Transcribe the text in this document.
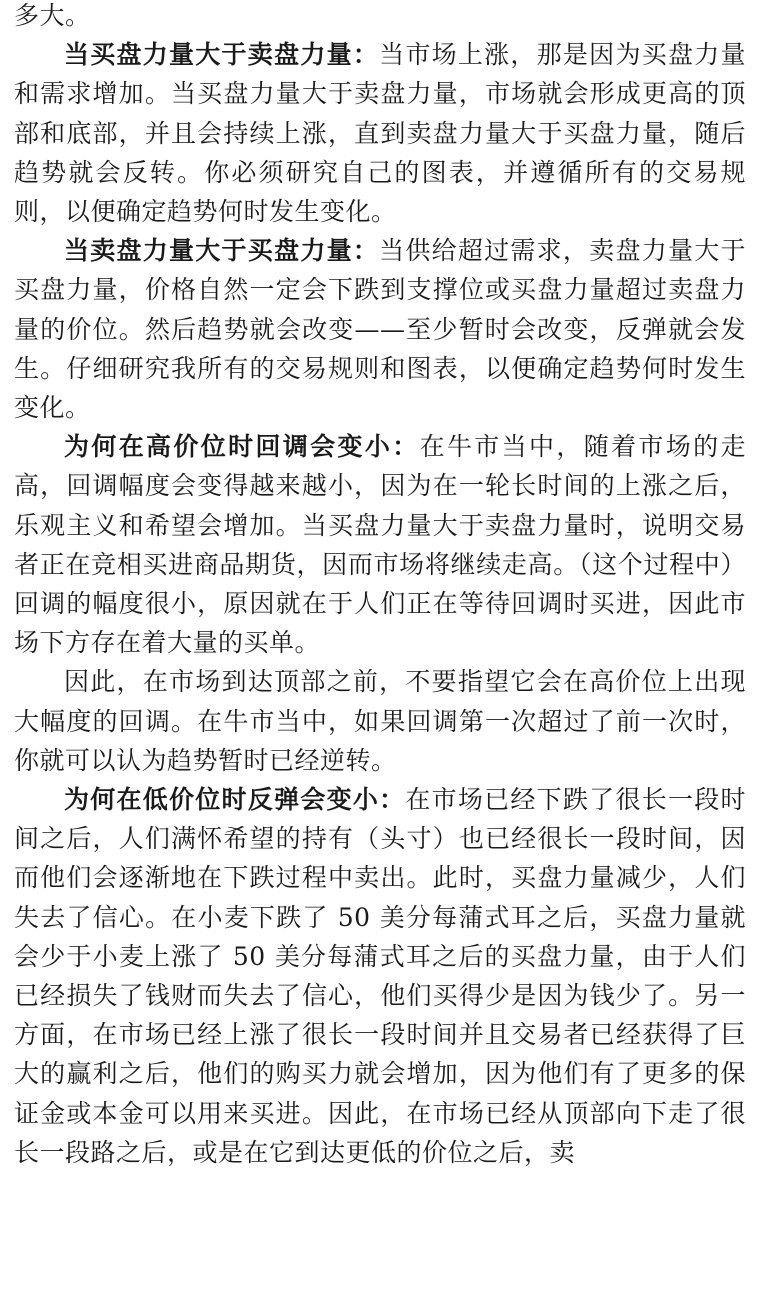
多大。

当买盘力量大于卖盘力量：当市场上涨，那是因为买盘力量和需求增加。当买盘力量大于卖盘力量，市场就会形成更高的顶部和底部，并且会持续上涨，直到卖盘力量大于买盘力量，随后趋势就会反转。你必须研究自己的图表，并遵循所有的交易规则，以便确定趋势何时发生变化。

当卖盘力量大于买盘力量：当供给超过需求，卖盘力量大于买盘力量，价格自然一定会下跌到支撑位或买盘力量超过卖盘力量的价位。然后趋势就会改变——至少暂时会改变，反弹就会发生。仔细研究我所有的交易规则和图表，以便确定趋势何时发生变化。

为何在高价位时回调会变小：在牛市当中，随着市场的走高，回调幅度会变得越来越小，因为在一轮长时间的上涨之后，乐观主义和希望会增加。当买盘力量大于卖盘力量时，说明交易者正在竞相买进商品期货，因而市场将继续走高。（这个过程中）回调的幅度很小，原因就在于人们正在等待回调时买进，因此市场下方存在着大量的买单。

因此，在市场到达顶部之前，不要指望它会在高价位上出现大幅度的回调。在牛市当中，如果回调第一次超过了前一次时，你就可以认为趋势暂时已经逆转。

为何在低价位时反弹会变小：在市场已经下跌了很长一段时间之后，人们满怀希望的持有（头寸）也已经很长一段时间，因而他们会逐渐地在下跌过程中卖出。此时，买盘力量减少，人们失去了信心。在小麦下跌了 50 美分每蒲式耳之后，买盘力量就会少于小麦上涨了 50 美分每蒲式耳之后的买盘力量，由于人们已经损失了钱财而失去了信心，他们买得少是因为钱少了。另一方面，在市场已经上涨了很长一段时间并且交易者已经获得了巨大的赢利之后，他们的购买力就会增加，因为他们有了更多的保证金或本金可以用来买进。因此，在市场已经从顶部向下走了很长一段路之后，或是在它到达更低的价位之后，卖
